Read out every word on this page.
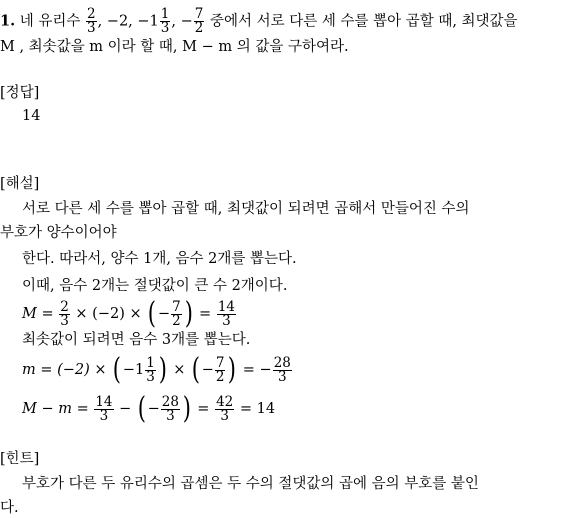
1. 네 유리수 $\frac{2}{3}$ , −2, $-1 \frac{1}{3}$ , − $\frac{7}{2}$ 중에서 서로 다른 세 수를 뽑아 곱할 때, 최댓값을
M , 최솟값을 m 이라 할 때, M − m 의 값을 구하여라.
[정답]
14
[해설]
서로 다른 세 수를 뽑아 곱할 때, 최댓값이 되려면 곱해서 만들어진 수의
부호가 양수이어야
한다. 따라서, 양수 1개, 음수 2개를 뽑는다.
이때, 음수 2개는 절댓값이 큰 수 2개이다.
$M = \frac{2}{3} \times (-2)$ × ( − $\frac{7}{2}$ ) = $\frac{14}{3}$
최솟값이 되려면 음수 3개를 뽑는다.
m = (−2) × ( $-1 \frac{1}{3}$ ) × ( − $\frac{7}{2}$ ) = − $\frac{28}{3}$
$M - m = \frac{14}{3}$ − ( − $\frac{28}{3}$ ) = $\frac{42}{3} = 14$
[힌트]
부호가 다른 두 유리수의 곱셈은 두 수의 절댓값의 곱에 음의 부호를 붙인
다.
